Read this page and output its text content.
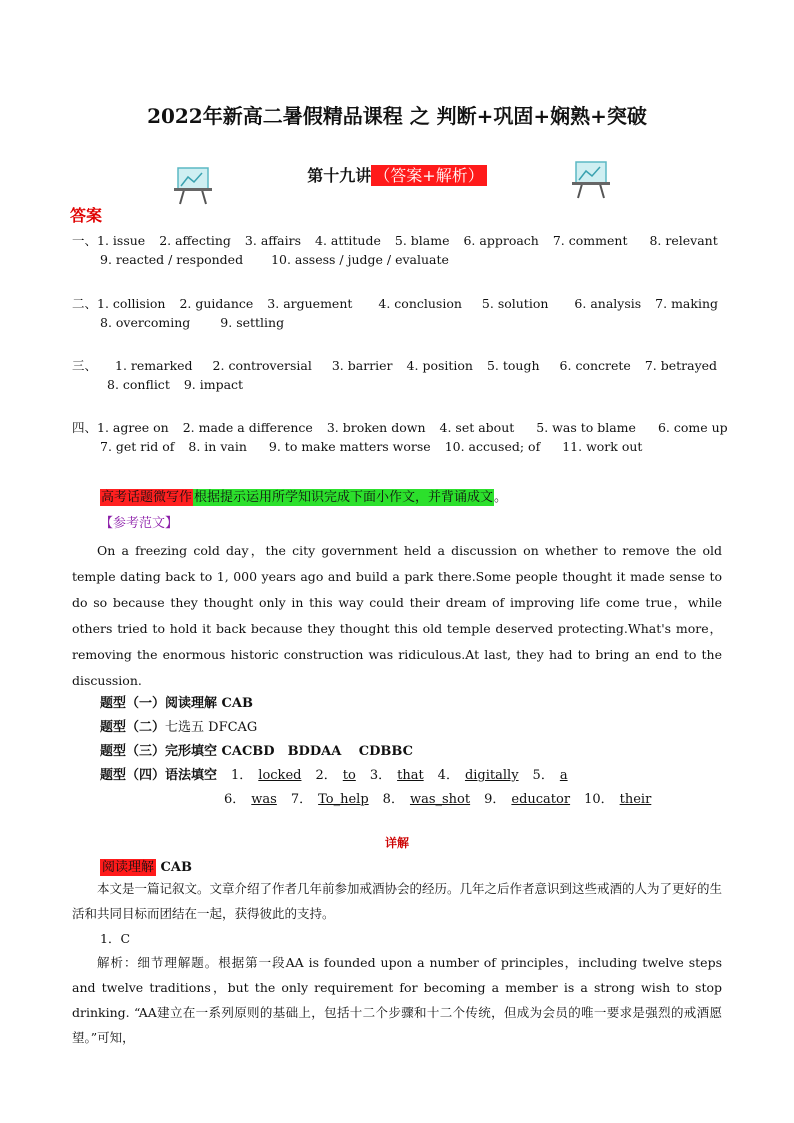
2022年新高二暑假精品课程 之 判断+巩固+娴熟+突破
第十九讲 （答案+解析）
答案
一、1. issue 2. affecting 3. affairs 4. attitude 5. blame 6. approach 7. comment 8. relevant
9. reacted / responded 10. assess / judge / evaluate
二、1. collision 2. guidance 3. arguement 4. conclusion 5. solution 6. analysis 7. making
8. overcoming 9. settling
三、 1. remarked 2. controversial 3. barrier 4. position 5. tough 6. concrete 7. betrayed
8. conflict 9. impact
四、1. agree on 2. made a difference 3. broken down 4. set about 5. was to blame 6. come up
7. get rid of 8. in vain 9. to make matters worse 10. accused; of 11. work out
高考话题微写作 根据提示运用所学知识完成下面小作文，并背诵成文。
【参考范文】
On a freezing cold day，the city government held a discussion on whether to remove the old temple dating back to 1, 000 years ago and build a park there.Some people thought it made sense to do so because they thought only in this way could their dream of improving life come true，while others tried to hold it back because they thought this old temple deserved protecting.What's more，removing the enormous historic construction was ridiculous.At last, they had to bring an end to the discussion.
题型（一）阅读理解 CAB
题型（二）七选五 DFCAG
题型（三）完形填空 CACBD　BDDAA　 CDBBC
题型（四）语法填空 1． locked 2． to 3． that 4． digitally 5． a
6． was 7． To_help 8． was_shot 9． educator 10． their
详解
阅读理解 CAB
本文是一篇记叙文。文章介绍了作者几年前参加戒酒协会的经历。几年之后作者意识到这些戒酒的人为了更好的生活和共同目标而团结在一起，获得彼此的支持。
1．C
解析：细节理解题。根据第一段AA is founded upon a number of principles，including twelve steps and twelve traditions，but the only requirement for becoming a member is a strong wish to stop drinking. “AA建立在一系列原则的基础上，包括十二个步骤和十二个传统，但成为会员的唯一要求是强烈的戒酒愿望。”可知，
